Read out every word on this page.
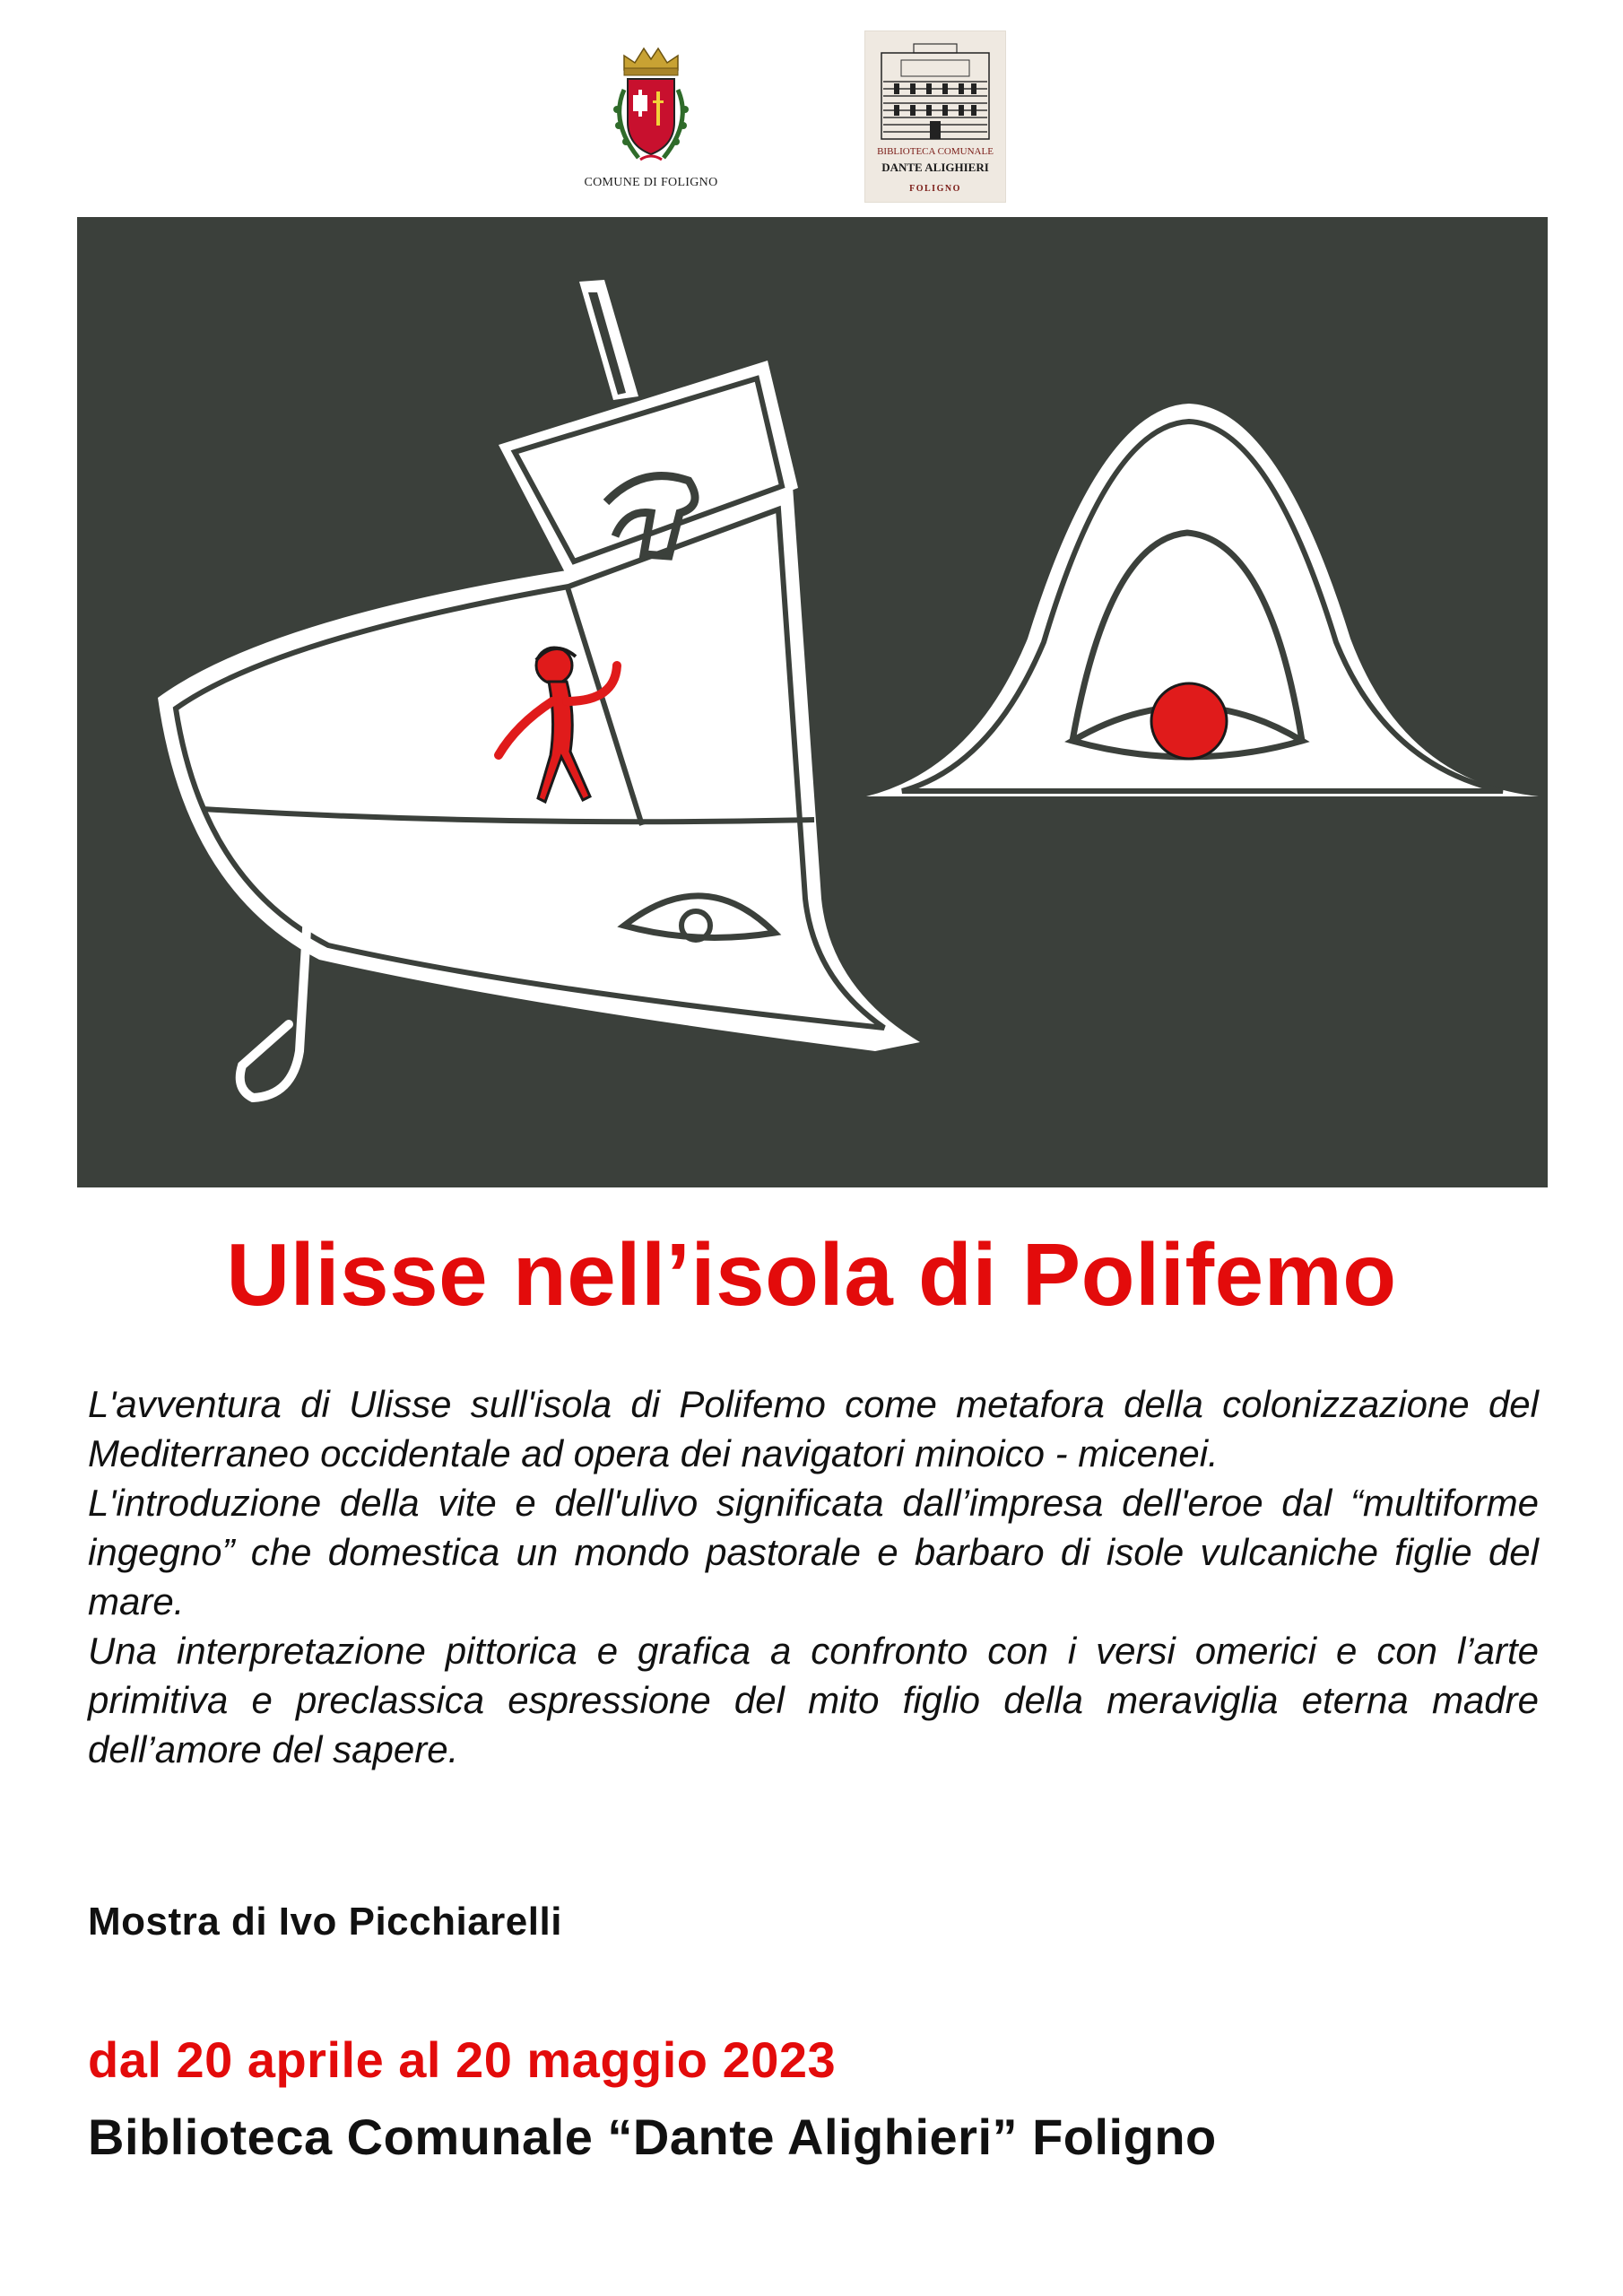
COMUNE DI FOLIGNO
BIBLIOTECA COMUNALE
DANTE ALIGHIERI
FOLIGNO
Ulisse nell’isola di Polifemo

L'avventura di Ulisse sull'isola di Polifemo come metafora della colonizzazione del Mediterraneo occidentale ad opera dei navigatori minoico - micenei.

L'introduzione della vite e dell'ulivo significata dall’impresa dell'eroe dal “multiforme ingegno” che domestica un mondo pastorale e barbaro di isole vulcaniche figlie del mare.

Una interpretazione pittorica e grafica a confronto con i versi omerici e con l’arte primitiva e preclassica espressione del mito figlio della meraviglia eterna madre dell’amore del sapere.

Mostra di Ivo Picchiarelli
dal 20 aprile al 20 maggio 2023
Biblioteca Comunale “Dante Alighieri” Foligno
